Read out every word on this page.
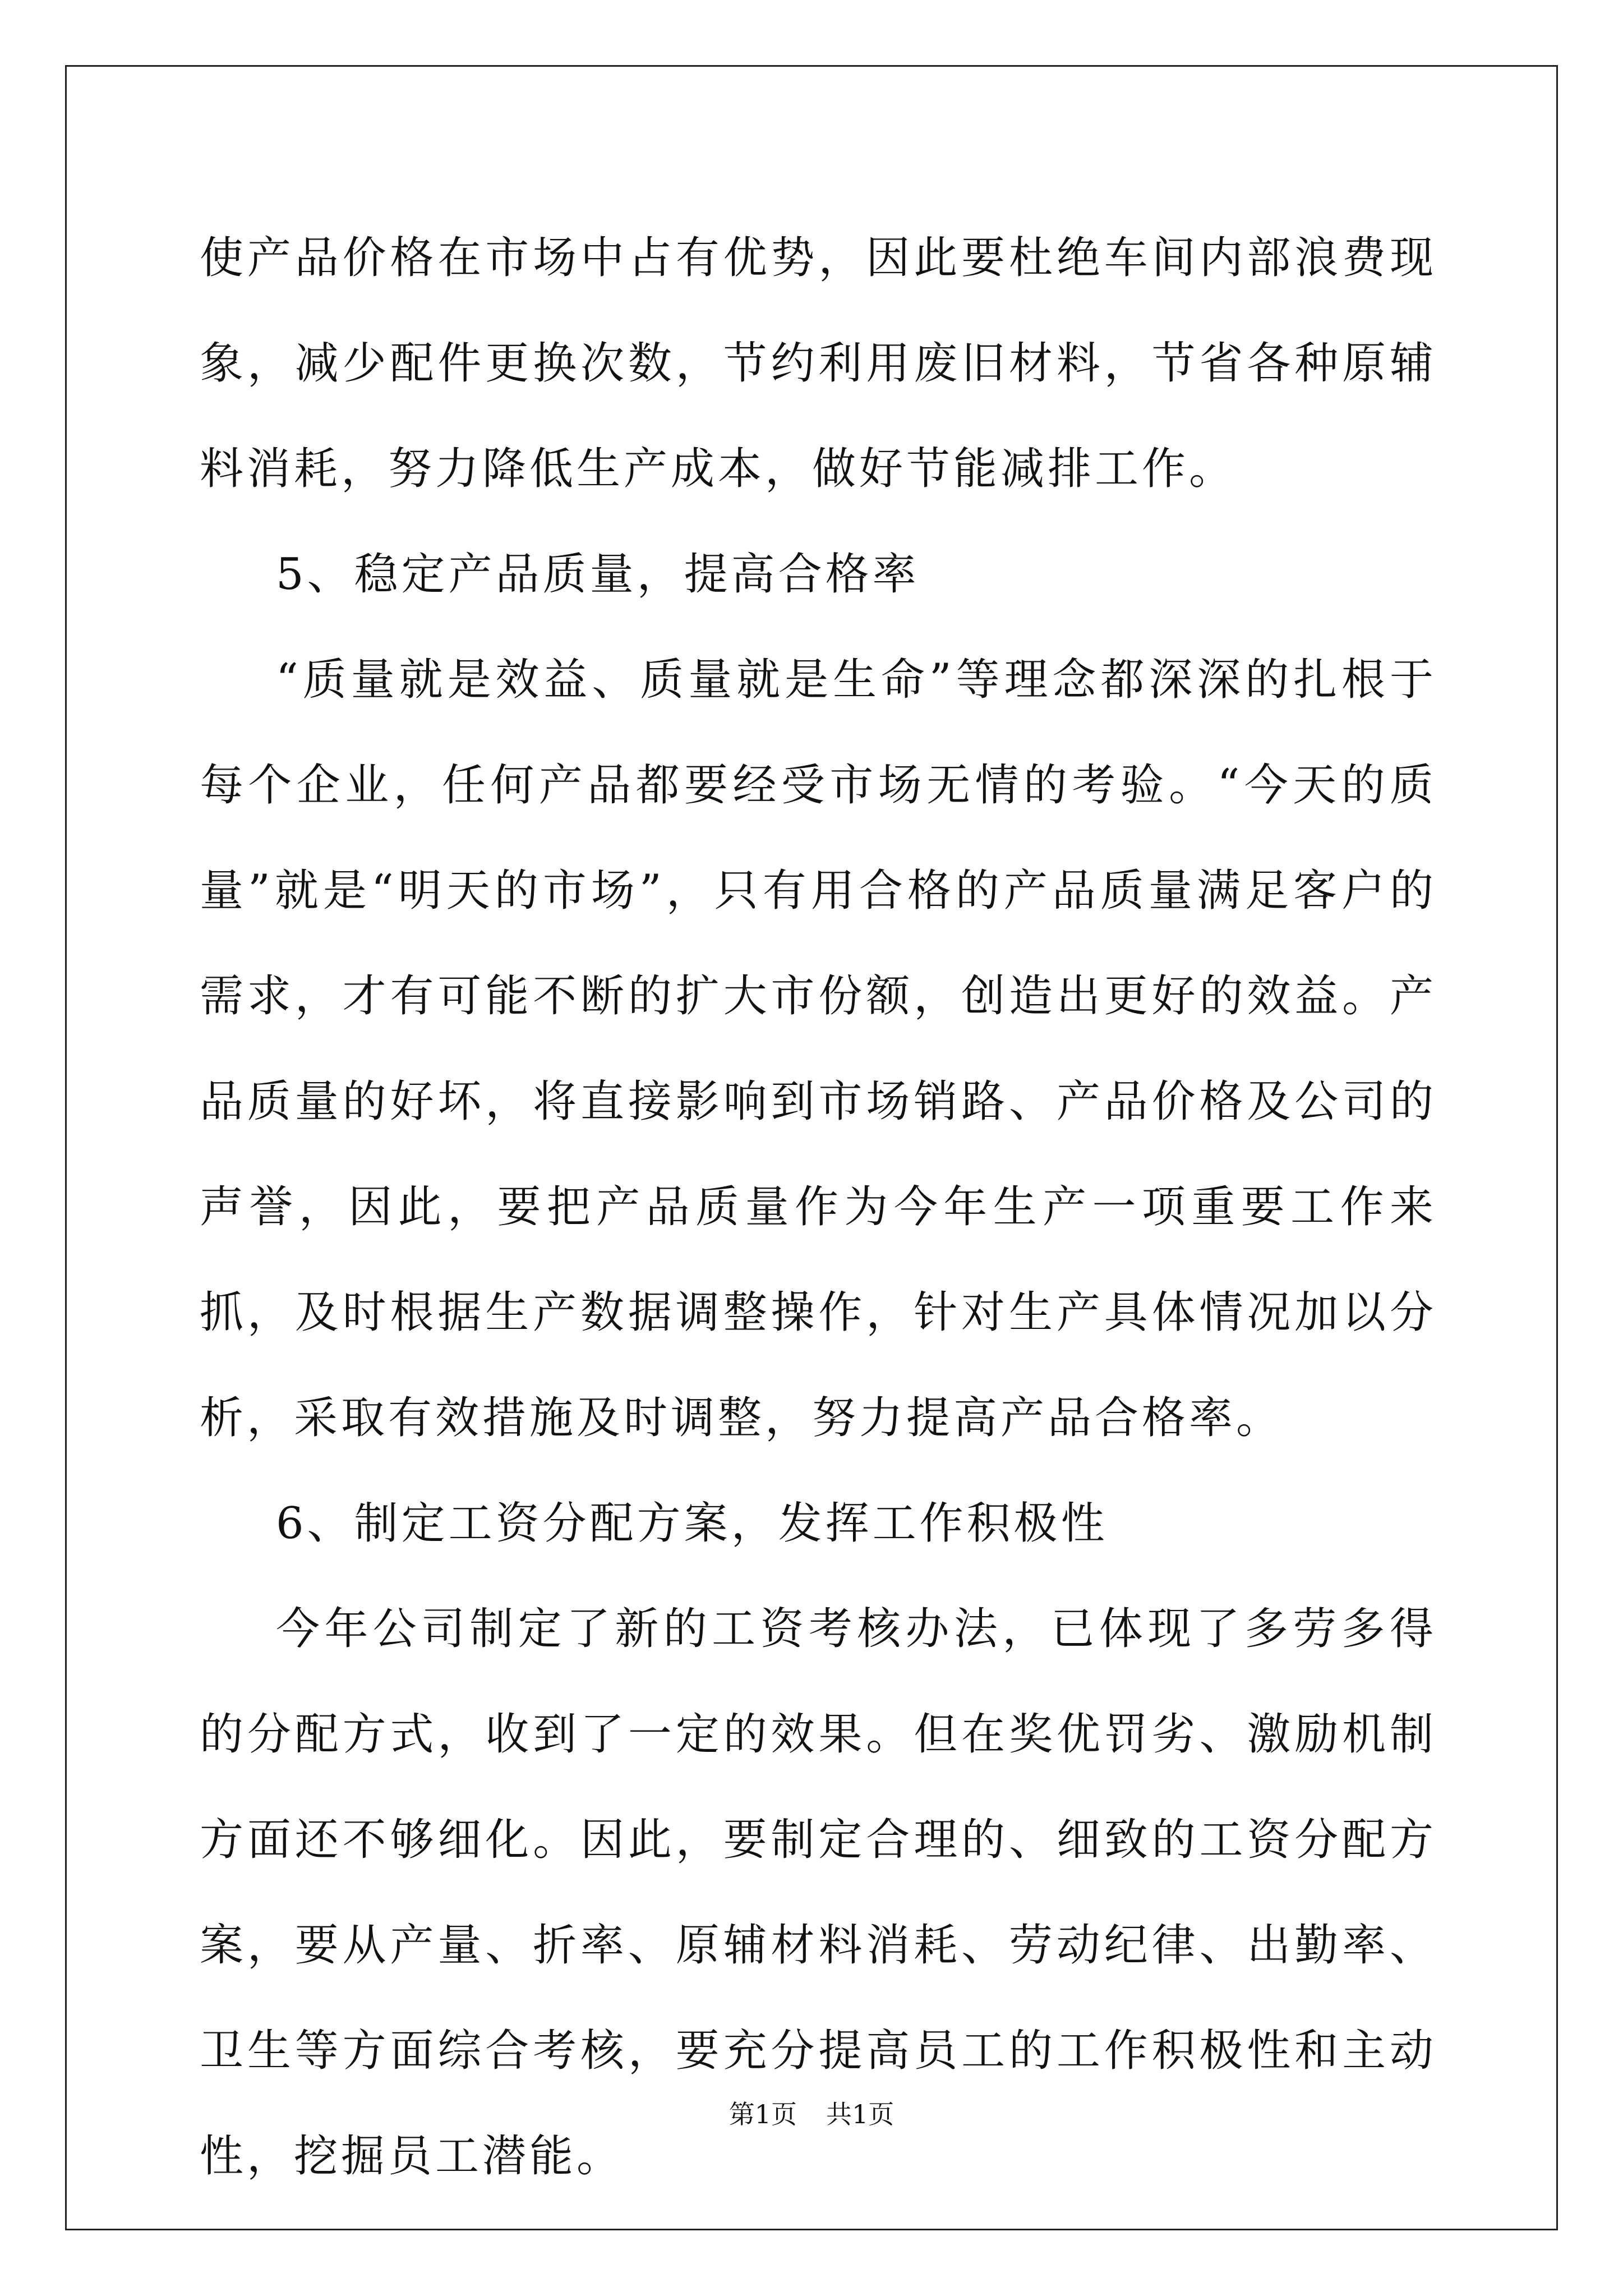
使产品价格在市场中占有优势，因此要杜绝车间内部浪费现象，减少配件更换次数，节约利用废旧材料，节省各种原辅料消耗，努力降低生产成本，做好节能减排工作。

5、稳定产品质量，提高合格率

“质量就是效益、质量就是生命”等理念都深深的扎根于每个企业，任何产品都要经受市场无情的考验。“今天的质量”就是“明天的市场”，只有用合格的产品质量满足客户的需求，才有可能不断的扩大市份额，创造出更好的效益。产品质量的好坏，将直接影响到市场销路、产品价格及公司的声誉，因此，要把产品质量作为今年生产一项重要工作来抓，及时根据生产数据调整操作，针对生产具体情况加以分析，采取有效措施及时调整，努力提高产品合格率。

6、制定工资分配方案，发挥工作积极性

今年公司制定了新的工资考核办法，已体现了多劳多得的分配方式，收到了一定的效果。但在奖优罚劣、激励机制方面还不够细化。因此，要制定合理的、细致的工资分配方案，要从产量、折率、原辅材料消耗、劳动纪律、出勤率、卫生等方面综合考核，要充分提高员工的工作积极性和主动性，挖掘员工潜能。

第1页 共1页
